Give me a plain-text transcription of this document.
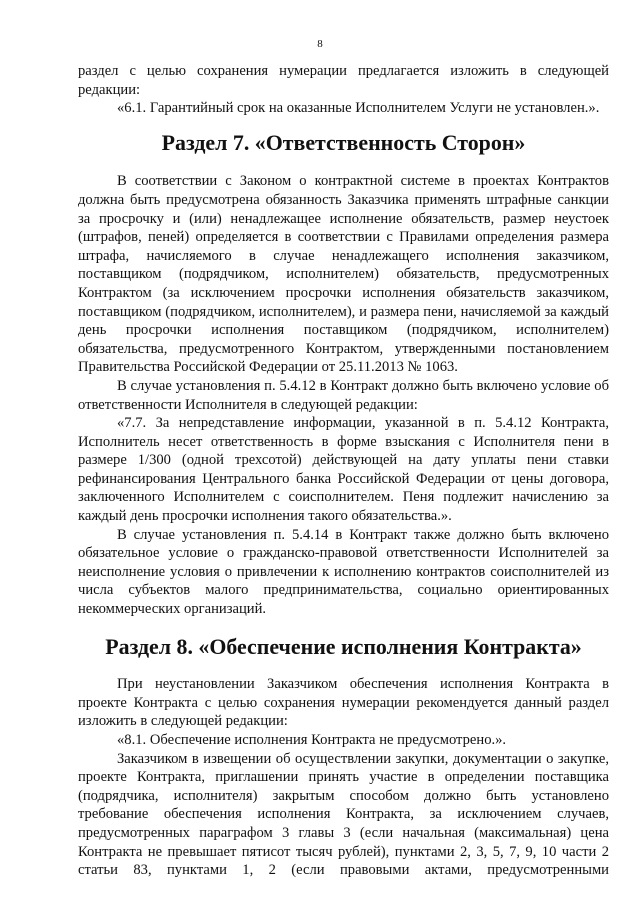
8

раздел с целью сохранения нумерации предлагается изложить в следующей редакции:

«6.1. Гарантийный срок на оказанные Исполнителем Услуги не установлен.».

Раздел 7. «Ответственность Сторон»

В соответствии с Законом о контрактной системе в проектах Контрактов должна быть предусмотрена обязанность Заказчика применять штрафные санкции за просрочку и (или) ненадлежащее исполнение обязательств, размер неустоек (штрафов, пеней) определяется в соответствии с Правилами определения размера штрафа, начисляемого в случае ненадлежащего исполнения заказчиком, поставщиком (подрядчиком, исполнителем) обязательств, предусмотренных Контрактом (за исключением просрочки исполнения обязательств заказчиком, поставщиком (подрядчиком, исполнителем), и размера пени, начисляемой за каждый день просрочки исполнения поставщиком (подрядчиком, исполнителем) обязательства, предусмотренного Контрактом, утвержденными постановлением Правительства Российской Федерации от 25.11.2013 № 1063.

В случае установления п. 5.4.12 в Контракт должно быть включено условие об ответственности Исполнителя в следующей редакции:

«7.7. За непредставление информации, указанной в п. 5.4.12 Контракта, Исполнитель несет ответственность в форме взыскания с Исполнителя пени в размере 1/300 (одной трехсотой) действующей на дату уплаты пени ставки рефинансирования Центрального банка Российской Федерации от цены договора, заключенного Исполнителем с соисполнителем. Пеня подлежит начислению за каждый день просрочки исполнения такого обязательства.».

В случае установления п. 5.4.14 в Контракт также должно быть включено обязательное условие о гражданско-правовой ответственности Исполнителей за неисполнение условия о привлечении к исполнению контрактов соисполнителей из числа субъектов малого предпринимательства, социально ориентированных некоммерческих организаций.

Раздел 8. «Обеспечение исполнения Контракта»

При неустановлении Заказчиком обеспечения исполнения Контракта в проекте Контракта с целью сохранения нумерации рекомендуется данный раздел изложить в следующей редакции:

«8.1. Обеспечение исполнения Контракта не предусмотрено.».

Заказчиком в извещении об осуществлении закупки, документации о закупке, проекте Контракта, приглашении принять участие в определении поставщика (подрядчика, исполнителя) закрытым способом должно быть установлено требование обеспечения исполнения Контракта, за исключением случаев, предусмотренных параграфом 3 главы 3 (если начальная (максимальная) цена Контракта не превышает пятисот тысяч рублей), пунктами 2, 3, 5, 7, 9, 10 части 2 статьи 83, пунктами 1, 2 (если правовыми актами, предусмотренными
